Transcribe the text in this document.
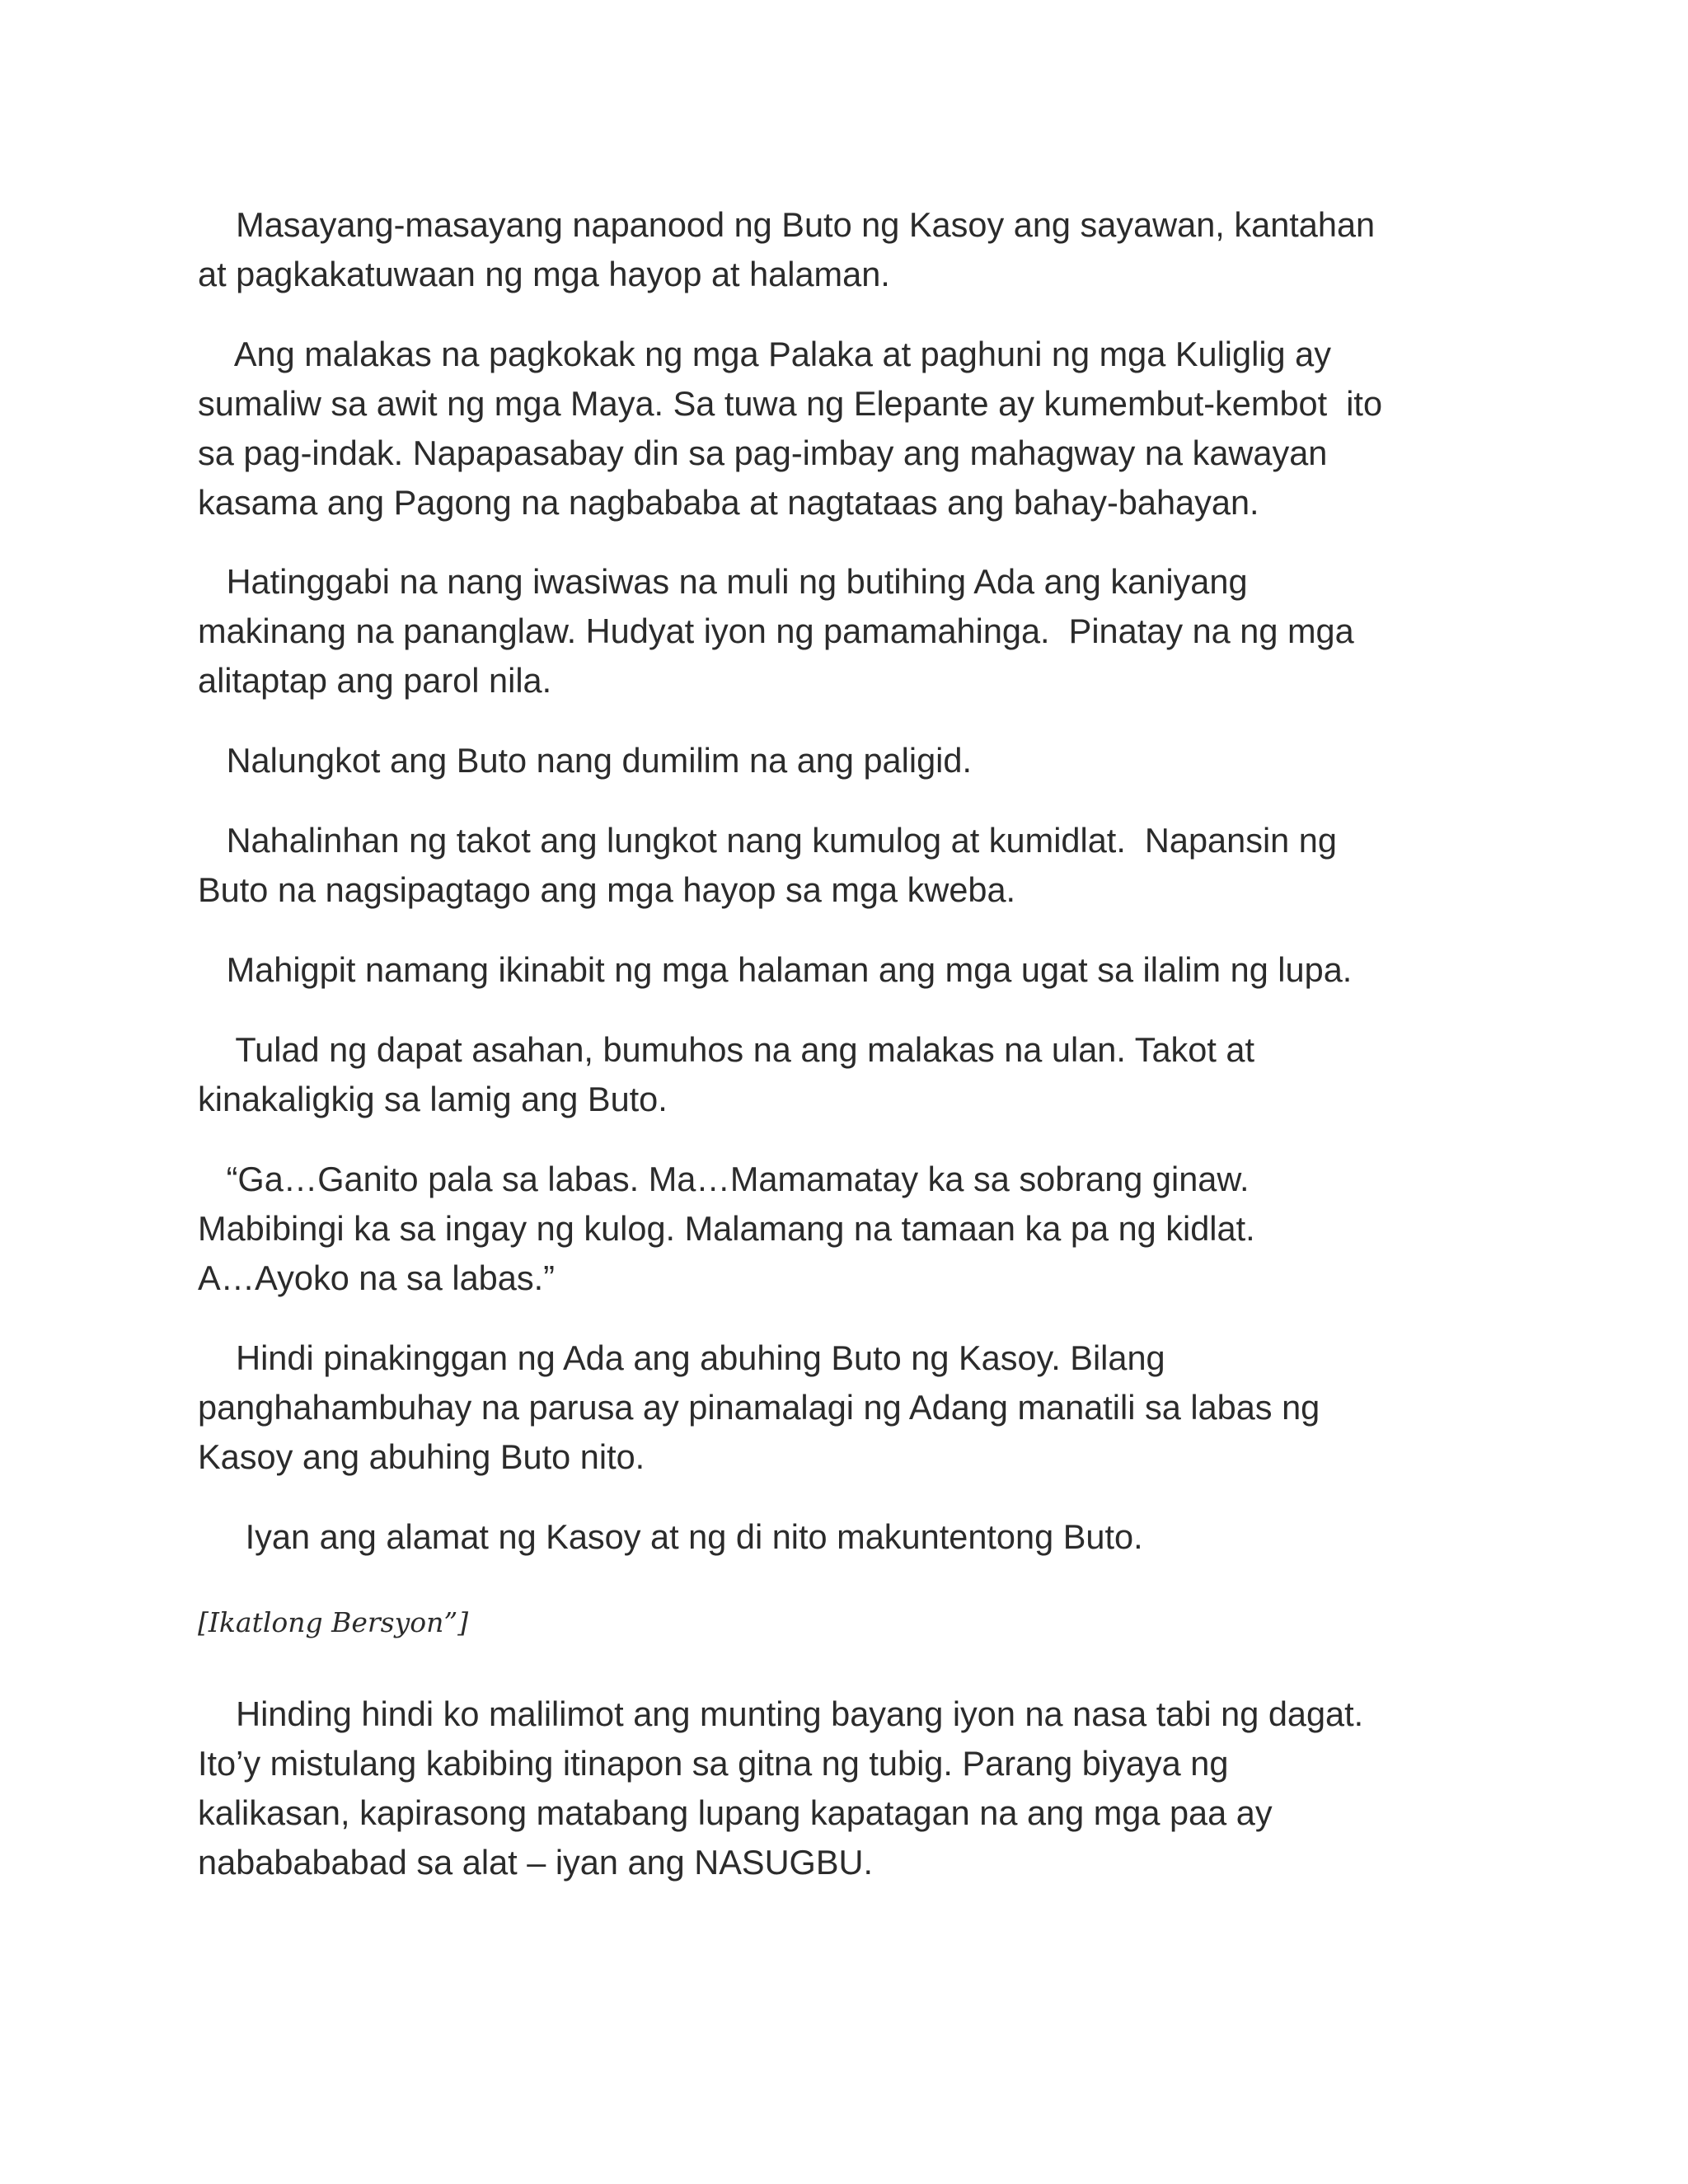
Masayang-masayang napanood ng Buto ng Kasoy ang sayawan, kantahan
at pagkakatuwaan ng mga hayop at halaman.

Ang malakas na pagkokak ng mga Palaka at paghuni ng mga Kuliglig ay
sumaliw sa awit ng mga Maya. Sa tuwa ng Elepante ay kumembut-kembot  ito
sa pag-indak. Napapasabay din sa pag-imbay ang mahagway na kawayan
kasama ang Pagong na nagbababa at nagtataas ang bahay-bahayan.

Hatinggabi na nang iwasiwas na muli ng butihing Ada ang kaniyang
makinang na pananglaw. Hudyat iyon ng pamamahinga.  Pinatay na ng mga
alitaptap ang parol nila.

Nalungkot ang Buto nang dumilim na ang paligid.

Nahalinhan ng takot ang lungkot nang kumulog at kumidlat.  Napansin ng
Buto na nagsipagtago ang mga hayop sa mga kweba.

Mahigpit namang ikinabit ng mga halaman ang mga ugat sa ilalim ng lupa.

Tulad ng dapat asahan, bumuhos na ang malakas na ulan. Takot at
kinakaligkig sa lamig ang Buto.

“Ga…Ganito pala sa labas. Ma…Mamamatay ka sa sobrang ginaw.
Mabibingi ka sa ingay ng kulog. Malamang na tamaan ka pa ng kidlat.
A…Ayoko na sa labas.”

Hindi pinakinggan ng Ada ang abuhing Buto ng Kasoy. Bilang
panghahambuhay na parusa ay pinamalagi ng Adang manatili sa labas ng
Kasoy ang abuhing Buto nito.

Iyan ang alamat ng Kasoy at ng di nito makuntentong Buto.

[Ikatlong Bersyon”]

Hinding hindi ko malilimot ang munting bayang iyon na nasa tabi ng dagat.
Ito’y mistulang kabibing itinapon sa gitna ng tubig. Parang biyaya ng
kalikasan, kapirasong matabang lupang kapatagan na ang mga paa ay
nababababad sa alat – iyan ang NASUGBU.
